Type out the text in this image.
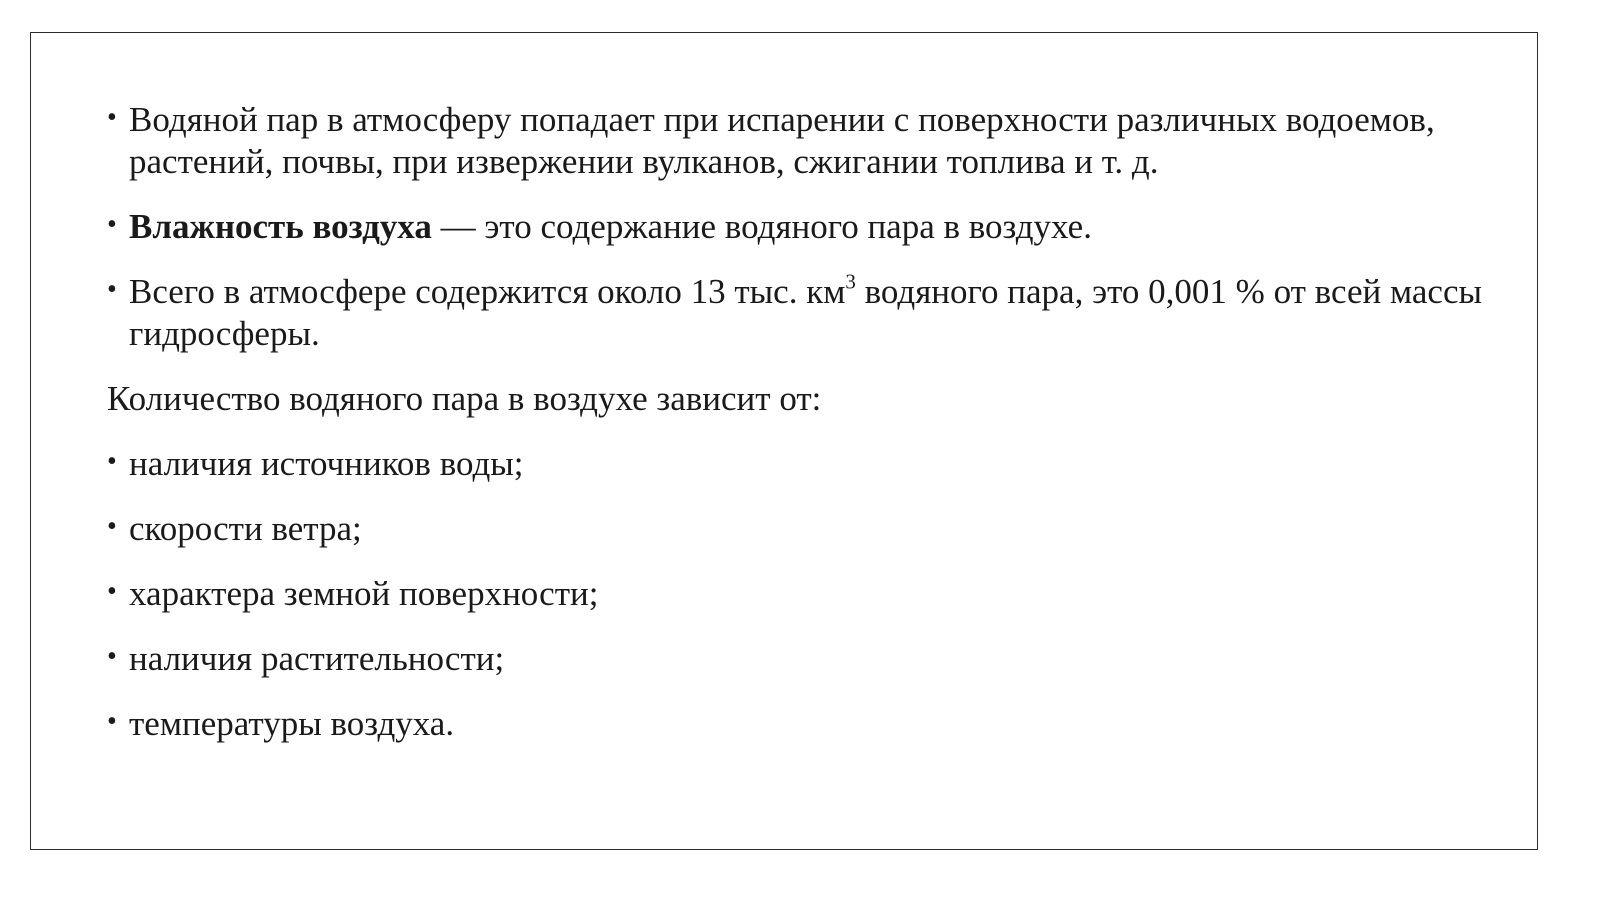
• Водяной пар в атмосферу попадает при испарении с поверхности различных водоемов, растений, почвы, при извержении вулканов, сжигании топлива и т. д.
• Влажность воздуха — это содержание водяного пара в воздухе.
• Всего в атмосфере содержится около 13 тыс. $км^3$ водяного пара, это 0,001 % от всей массы гидросферы.
Количество водяного пара в воздухе зависит от:
• наличия источников воды;
• скорости ветра;
• характера земной поверхности;
• наличия растительности;
• температуры воздуха.
